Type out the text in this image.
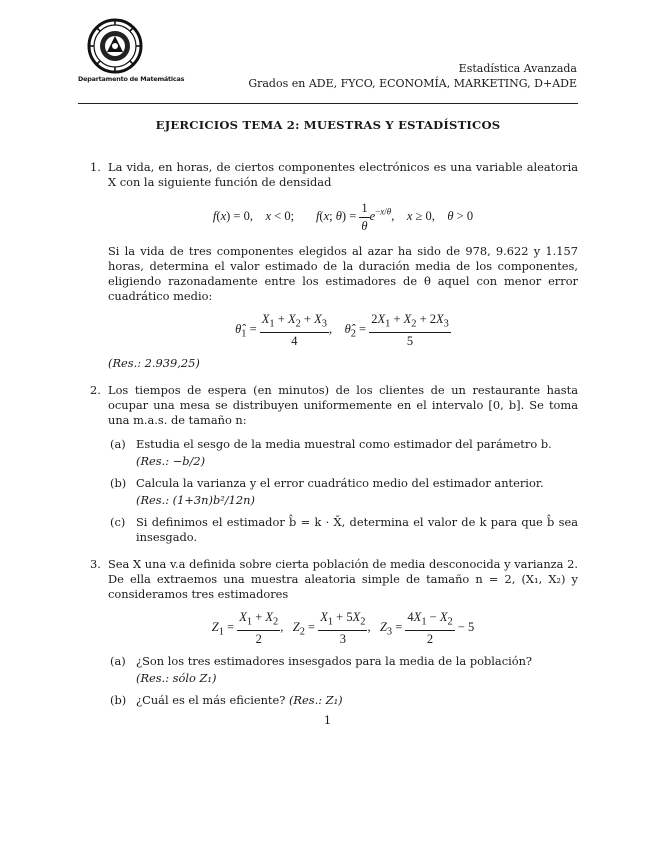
Departamento de Matemáticas
Estadística Avanzada
Grados en ADE, FYCO, ECONOMÍA, MARKETING, D+ADE
EJERCICIOS TEMA 2: MUESTRAS Y ESTADÍSTICOS
1. La vida, en horas, de ciertos componentes electrónicos es una variable aleatoria X con la siguiente función de densidad

f(x) = 0,    x < 0;       f(x; $\theta) = \frac{1}{\theta} e^{-x/\theta}$,    x ≥ 0,    θ > 0

Si la vida de tres componentes elegidos al azar ha sido de 978, 9.622 y 1.157 horas, determina el valor estimado de la duración media de los componentes, eligiendo razonadamente entre los estimadores de θ aquel con menor error cuadrático medio:

$\thetâ_1 = \frac{X_1 + X_2 + X_3}{4}$ ,    $\thetâ_2 = \frac{2X_1 + X_2 + 2X_3}{5}$

(Res.: 2.939,25)

2. Los tiempos de espera (en minutos) de los clientes de un restaurante hasta ocupar una mesa se distribuyen uniformemente en el intervalo [0, b]. Se toma una m.a.s. de tamaño n:

(a) Estudia el sesgo de la media muestral como estimador del parámetro b.

(Res.: −b/2)

(b) Calcula la varianza y el error cuadrático medio del estimador anterior.

(Res.: (1+3n)b²/12n)

(c) Si definimos el estimador b̂ = k · X̄, determina el valor de k para que b̂ sea insesgado.

3. Sea X una v.a definida sobre cierta población de media desconocida y varianza 2. De ella extraemos una muestra aleatoria simple de tamaño n = 2, (X₁, X₂) y consideramos tres estimadores

$Z_1 = \frac{X_1 + X_2}{2}$ ,   $Z_2 = \frac{X_1 + 5X_2}{3}$ ,   $Z_3 = \frac{4X_1 - X_2}{2} - 5$
(a) ¿Son los tres estimadores insesgados para la media de la población?

(Res.: sólo Z₁)

(b) ¿Cuál es el más eficiente? (Res.: Z₁)

1
